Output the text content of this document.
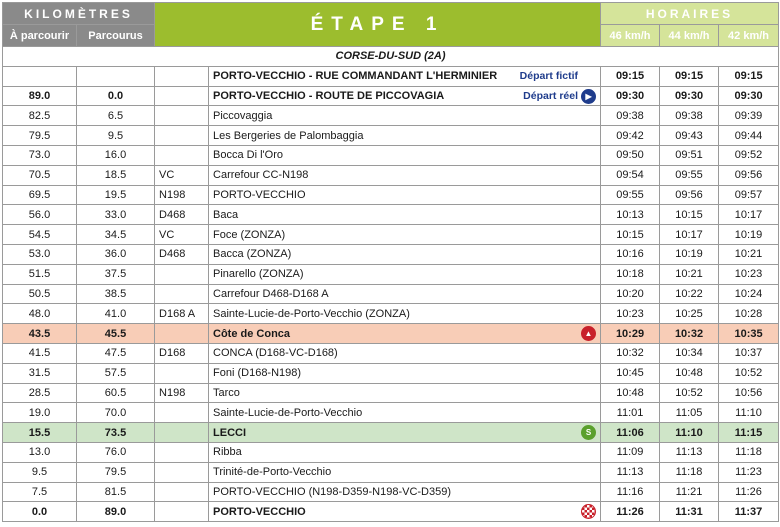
KILOMÈTRES		ÉTAPE 1		HORAIRES		
À parcourir	Parcourus			46 km/h	44 km/h	42 km/h
CORSE-DU-SUD (2A)						
			PORTO-VECCHIO - RUE COMMANDANT L'HERMINIER Départ fictif	09:15	09:15	09:15
89.0	0.0		PORTO-VECCHIO - ROUTE DE PICCOVAGIA Départ réel ▶	09:30	09:30	09:30
82.5	6.5		Piccovaggia	09:38	09:38	09:39
79.5	9.5		Les Bergeries de Palombaggia	09:42	09:43	09:44
73.0	16.0		Bocca Di l'Oro	09:50	09:51	09:52
70.5	18.5	VC	Carrefour CC-N198	09:54	09:55	09:56
69.5	19.5	N198	PORTO-VECCHIO	09:55	09:56	09:57
56.0	33.0	D468	Baca	10:13	10:15	10:17
54.5	34.5	VC	Foce (ZONZA)	10:15	10:17	10:19
53.0	36.0	D468	Bacca (ZONZA)	10:16	10:19	10:21
51.5	37.5		Pinarello (ZONZA)	10:18	10:21	10:23
50.5	38.5		Carrefour D468-D168 A	10:20	10:22	10:24
48.0	41.0	D168 A	Sainte-Lucie-de-Porto-Vecchio (ZONZA)	10:23	10:25	10:28
43.5	45.5		Côte de Conca ▲	10:29	10:32	10:35
41.5	47.5	D168	CONCA (D168-VC-D168)	10:32	10:34	10:37
31.5	57.5		Foni (D168-N198)	10:45	10:48	10:52
28.5	60.5	N198	Tarco	10:48	10:52	10:56
19.0	70.0		Sainte-Lucie-de-Porto-Vecchio	11:01	11:05	11:10
15.5	73.5		LECCI S	11:06	11:10	11:15
13.0	76.0		Ribba	11:09	11:13	11:18
9.5	79.5		Trinité-de-Porto-Vecchio	11:13	11:18	11:23
7.5	81.5		PORTO-VECCHIO (N198-D359-N198-VC-D359)	11:16	11:21	11:26
0.0	89.0		PORTO-VECCHIO	11:26	11:31	11:37
